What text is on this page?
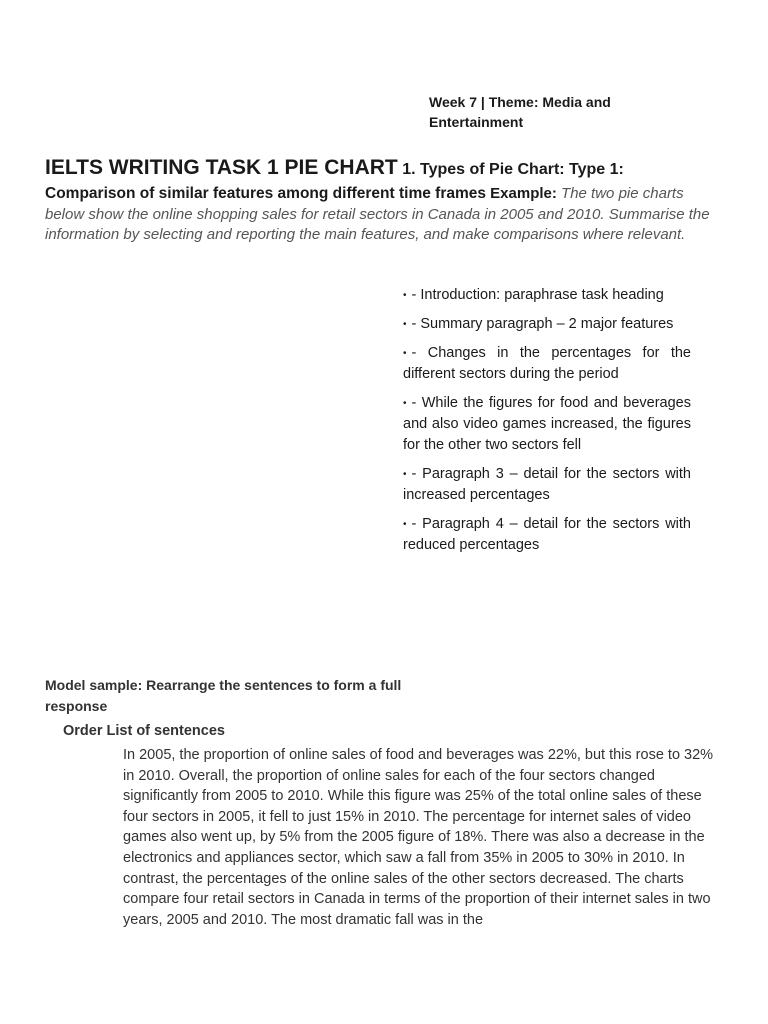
Week 7 | Theme: Media and Entertainment
IELTS WRITING TASK 1 PIE CHART 1. Types of Pie Chart: Type 1:
Comparison of similar features among different time frames Example: The two pie charts below show the online shopping sales for retail sectors in Canada in 2005 and 2010. Summarise the information by selecting and reporting the main features, and make comparisons where relevant.
• - Introduction: paraphrase task heading
• - Summary paragraph – 2 major features
• - Changes in the percentages for the different sectors during the period
• - While the figures for food and beverages and also video games increased, the figures for the other two sectors fell
• - Paragraph 3 – detail for the sectors with increased percentages
• - Paragraph 4 – detail for the sectors with reduced percentages
Model sample: Rearrange the sentences to form a full response
Order List of sentences
In 2005, the proportion of online sales of food and beverages was 22%, but this rose to 32% in 2010. Overall, the proportion of online sales for each of the four sectors changed significantly from 2005 to 2010. While this figure was 25% of the total online sales of these four sectors in 2005, it fell to just 15% in 2010. The percentage for internet sales of video games also went up, by 5% from the 2005 figure of 18%. There was also a decrease in the electronics and appliances sector, which saw a fall from 35% in 2005 to 30% in 2010. In contrast, the percentages of the online sales of the other sectors decreased. The charts compare four retail sectors in Canada in terms of the proportion of their internet sales in two years, 2005 and 2010. The most dramatic fall was in the
